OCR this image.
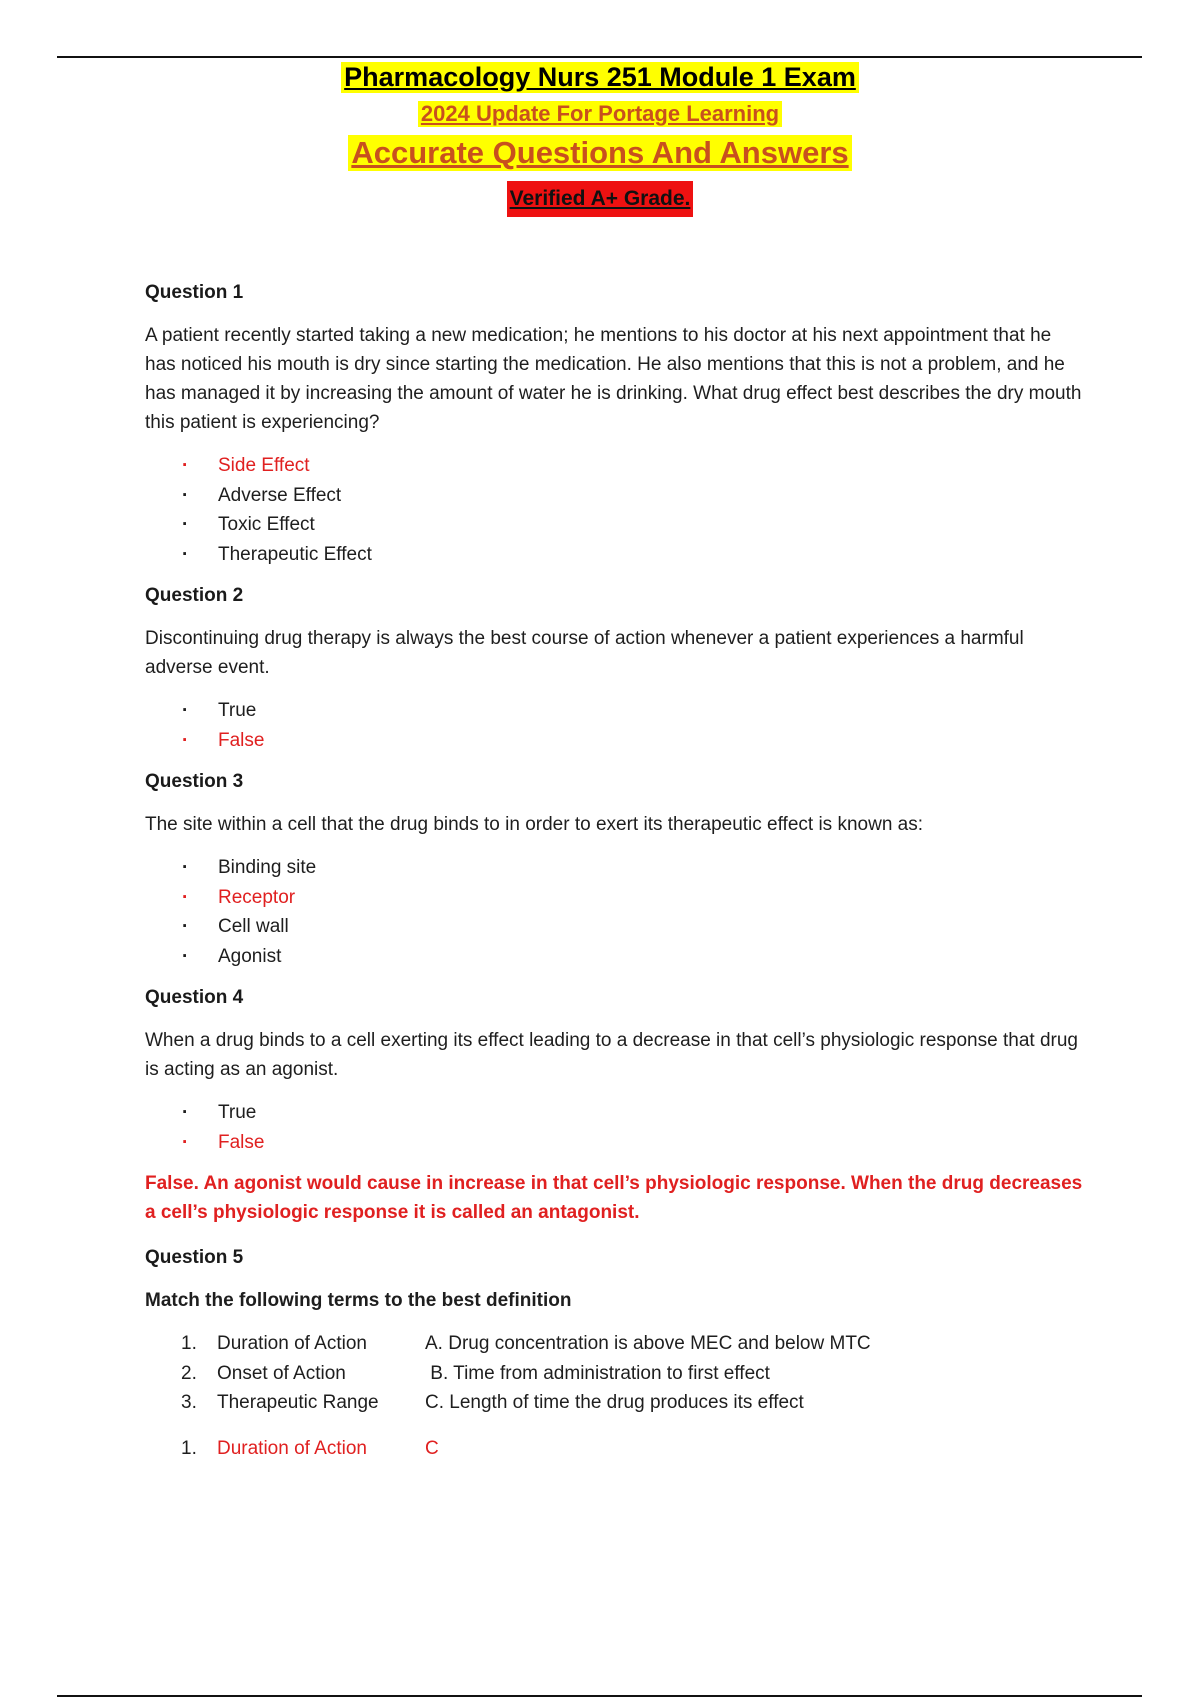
Pharmacology Nurs 251 Module 1 Exam
2024 Update For Portage Learning
Accurate Questions And Answers
Verified A+ Grade.
Question 1
A patient recently started taking a new medication; he mentions to his doctor at his next appointment that he has noticed his mouth is dry since starting the medication. He also mentions that this is not a problem, and he has managed it by increasing the amount of water he is drinking. What drug effect best describes the dry mouth this patient is experiencing?
· Side Effect
· Adverse Effect
· Toxic Effect
· Therapeutic Effect
Question 2
Discontinuing drug therapy is always the best course of action whenever a patient experiences a harmful adverse event.
· True
· False
Question 3
The site within a cell that the drug binds to in order to exert its therapeutic effect is known as:
· Binding site
· Receptor
· Cell wall
· Agonist
Question 4
When a drug binds to a cell exerting its effect leading to a decrease in that cell’s physiologic response that drug is acting as an agonist.
· True
· False
False. An agonist would cause in increase in that cell’s physiologic response. When the drug decreases a cell’s physiologic response it is called an antagonist.
Question 5
Match the following terms to the best definition
1.	Duration of Action	A. Drug concentration is above MEC and below MTC
2.	Onset of Action	B. Time from administration to first effect
3.	Therapeutic Range	C. Length of time the drug produces its effect
1.	Duration of Action	C
